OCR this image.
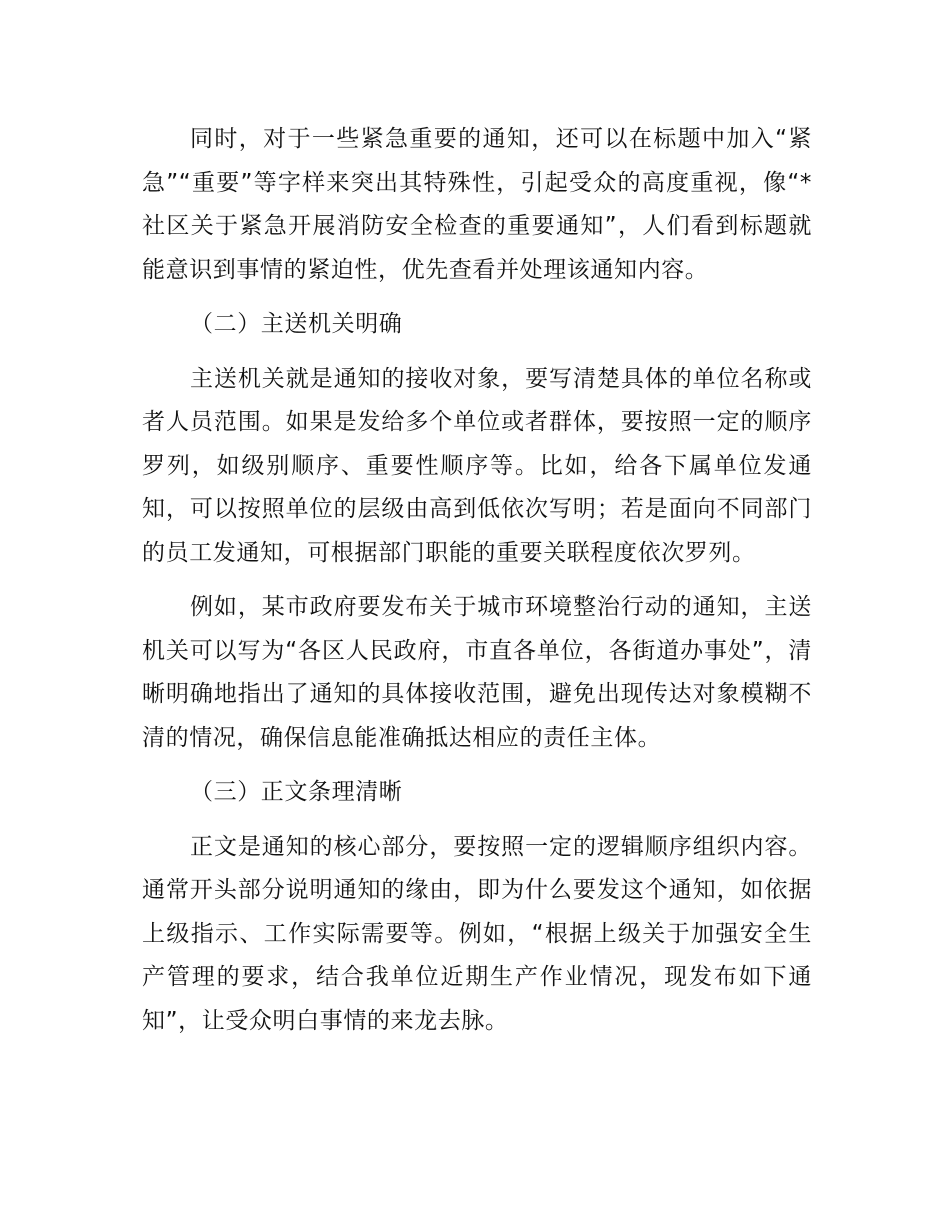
同时，对于一些紧急重要的通知，还可以在标题中加入“紧急”“重要”等字样来突出其特殊性，引起受众的高度重视，像“*社区关于紧急开展消防安全检查的重要通知”，人们看到标题就能意识到事情的紧迫性，优先查看并处理该通知内容。

（二）主送机关明确

主送机关就是通知的接收对象，要写清楚具体的单位名称或者人员范围。如果是发给多个单位或者群体，要按照一定的顺序罗列，如级别顺序、重要性顺序等。比如，给各下属单位发通知，可以按照单位的层级由高到低依次写明；若是面向不同部门的员工发通知，可根据部门职能的重要关联程度依次罗列。

例如，某市政府要发布关于城市环境整治行动的通知，主送机关可以写为“各区人民政府，市直各单位，各街道办事处”，清晰明确地指出了通知的具体接收范围，避免出现传达对象模糊不清的情况，确保信息能准确抵达相应的责任主体。

（三）正文条理清晰

正文是通知的核心部分，要按照一定的逻辑顺序组织内容。通常开头部分说明通知的缘由，即为什么要发这个通知，如依据上级指示、工作实际需要等。例如，“根据上级关于加强安全生产管理的要求，结合我单位近期生产作业情况，现发布如下通知”，让受众明白事情的来龙去脉。
